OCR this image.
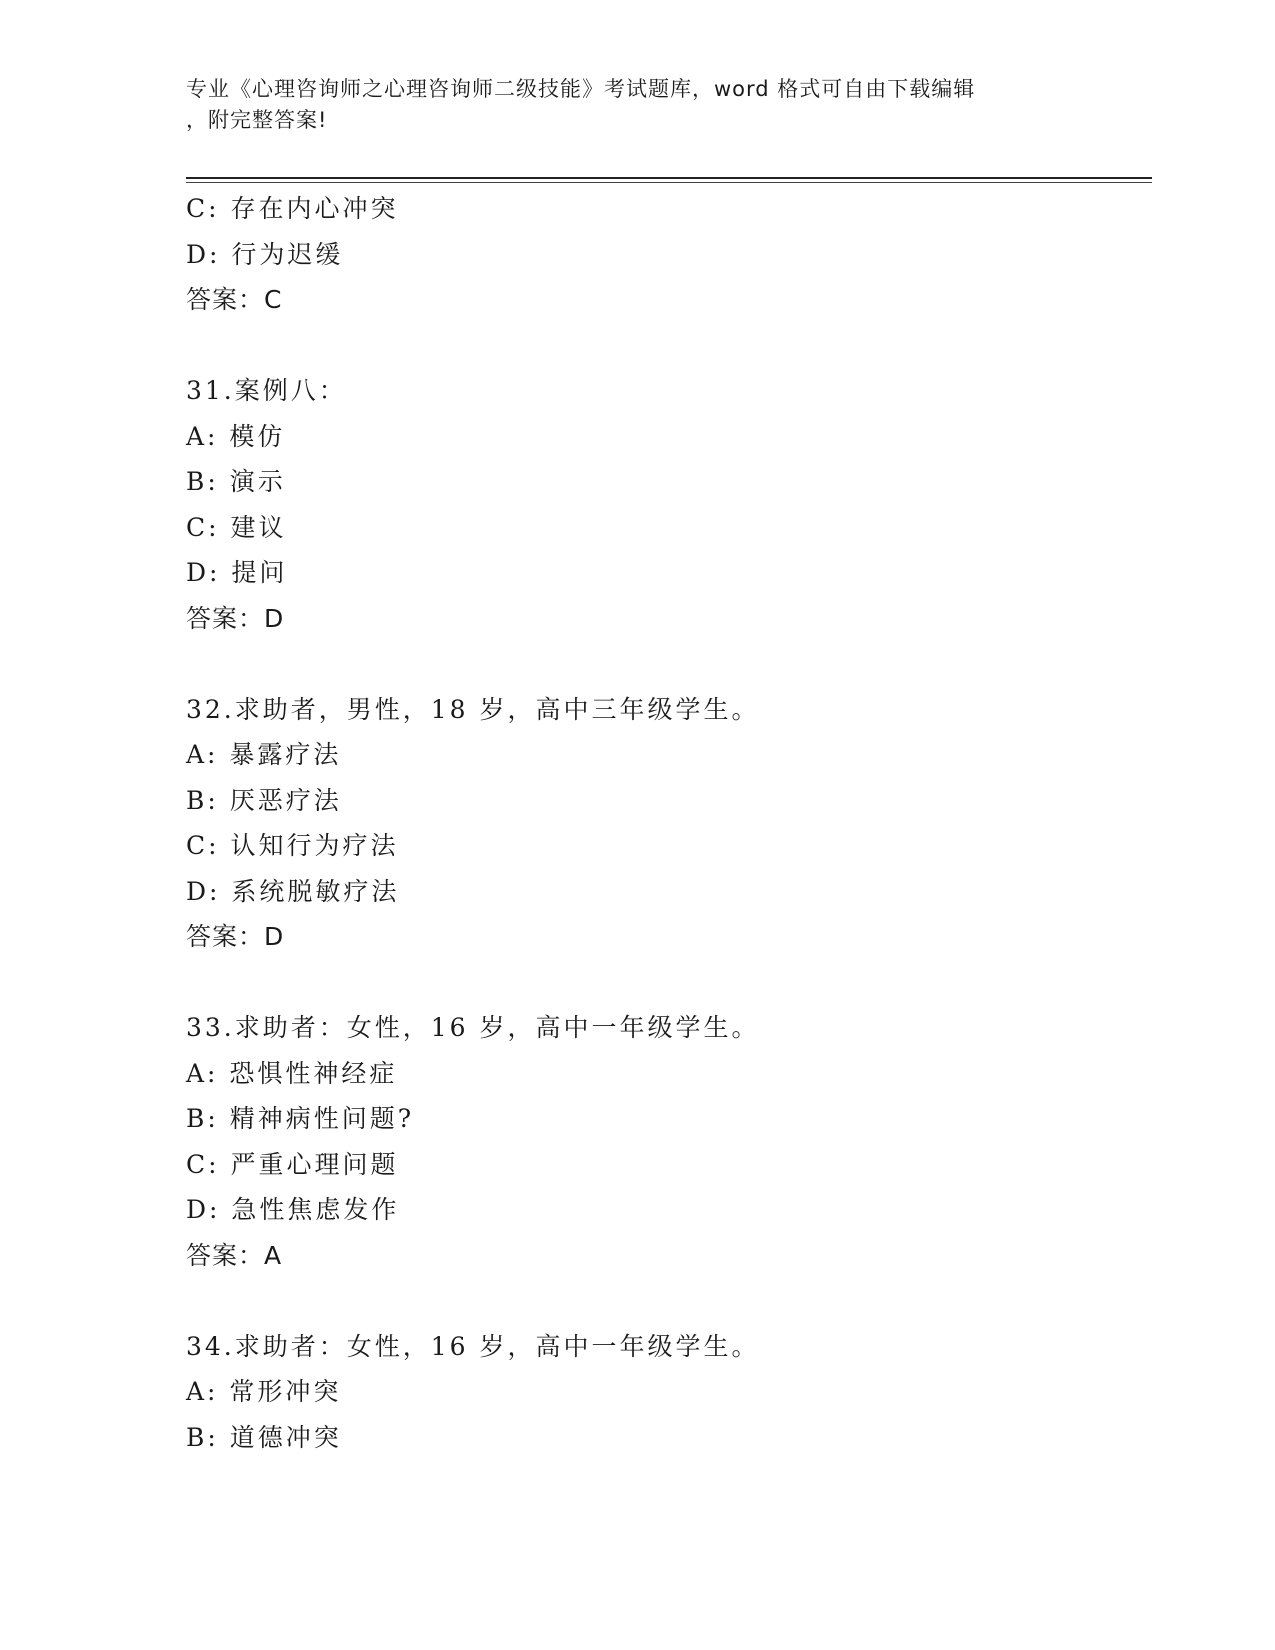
专业《心理咨询师之心理咨询师二级技能》考试题库，word 格式可自由下载编辑
，附完整答案!
C: 存在内心冲突
D: 行为迟缓
答案：C
31.案例八：
A: 模仿
B: 演示
C: 建议
D: 提问
答案：D
32.求助者，男性，18 岁，高中三年级学生。
A: 暴露疗法
B: 厌恶疗法
C: 认知行为疗法
D: 系统脱敏疗法
答案：D
33.求助者：女性，16 岁，高中一年级学生。
A: 恐惧性神经症
B: 精神病性问题?
C: 严重心理问题
D: 急性焦虑发作
答案：A
34.求助者：女性，16 岁，高中一年级学生。
A: 常形冲突
B: 道德冲突
